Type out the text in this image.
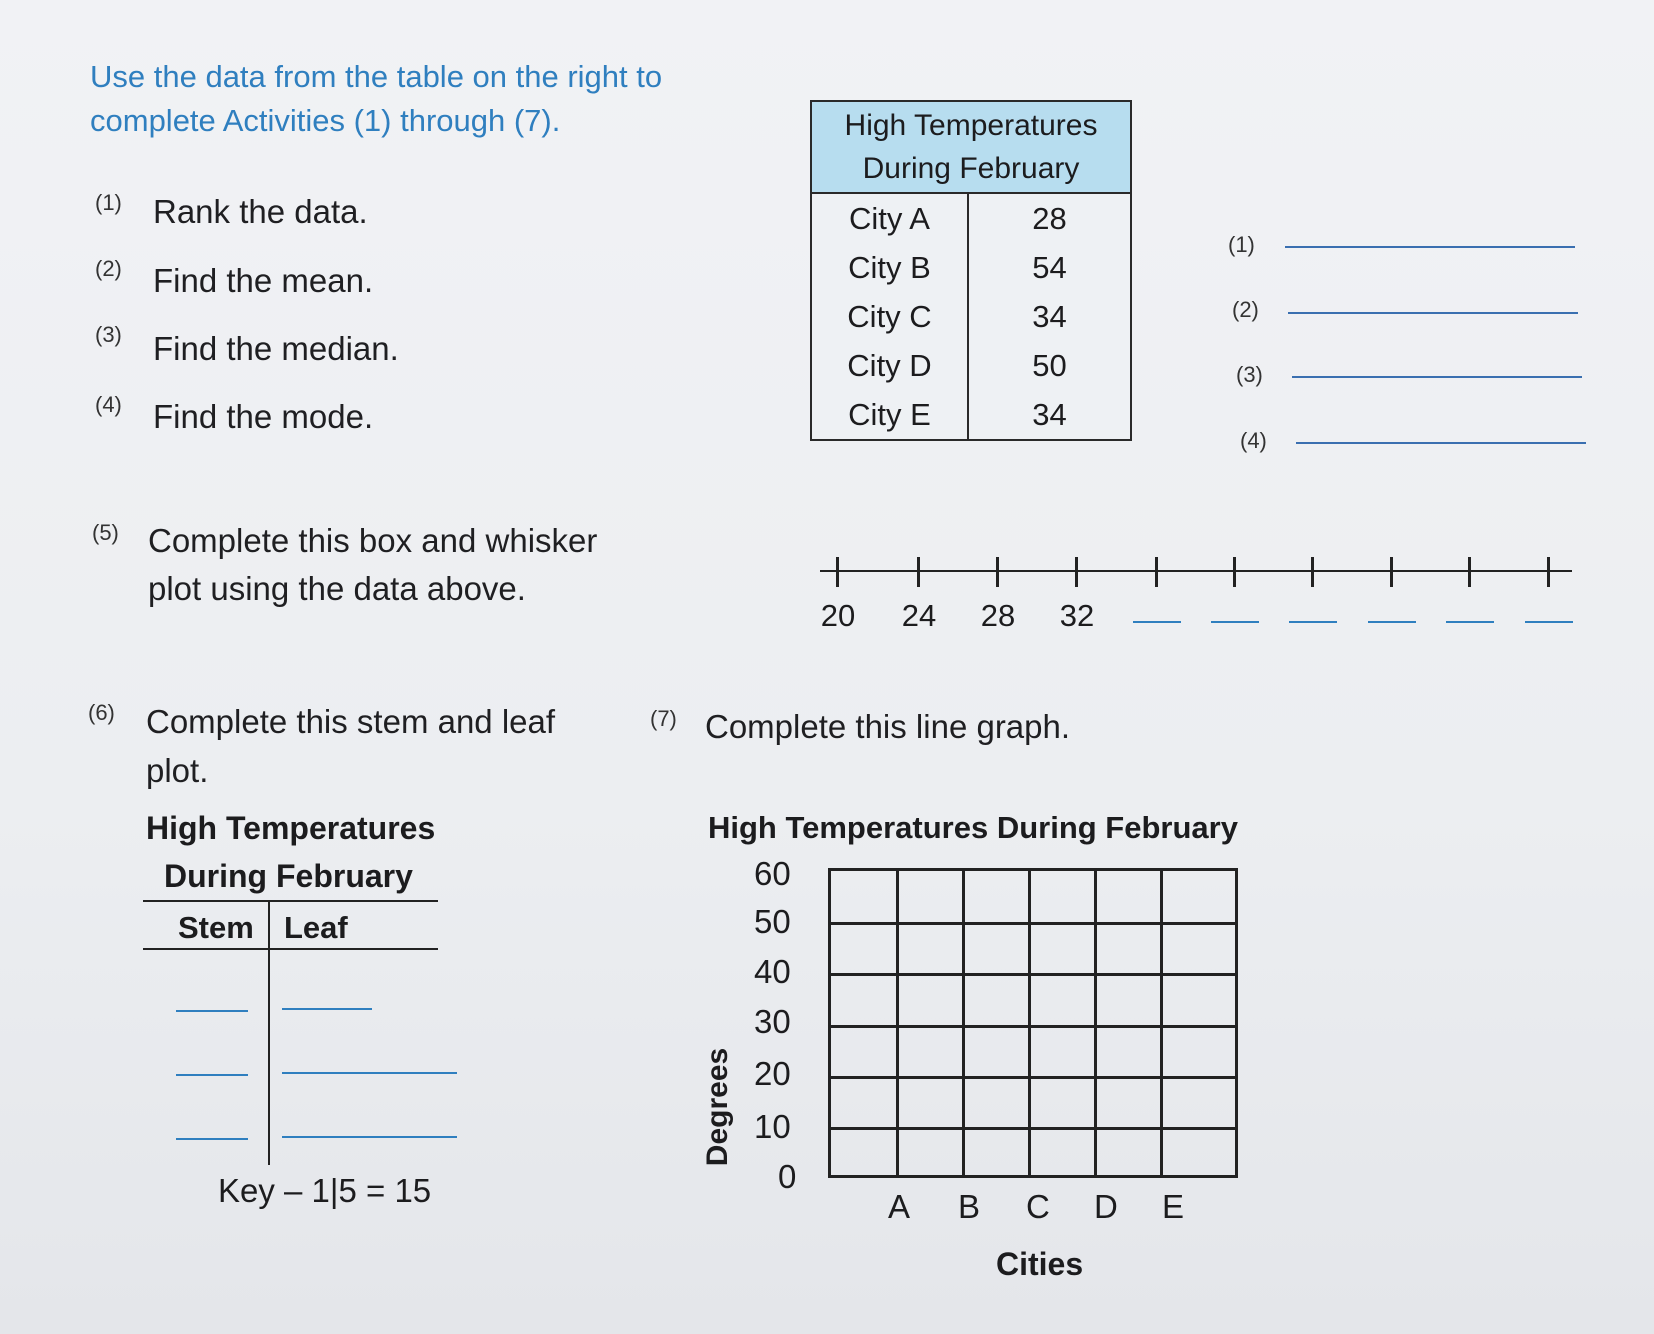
Use the data from the table on the right to complete Activities (1) through (7).
(1) Rank the data.
(2) Find the mean.
(3) Find the median.
(4) Find the mode.
High Temperatures
During February
City A	28
City B	54
City C	34
City D	50
City E	34
(1)
(2)
(3)
(4)
(5) Complete this box and whisker
plot using the data above.
20 24 28 32
(6) Complete this stem and leaf
plot.
High Temperatures
During February
Stem Leaf
Key – 1|5 = 15
(7) Complete this line graph.
High Temperatures During February
Degrees
60
50
40
30
20
10
0
A B C D E
Cities
